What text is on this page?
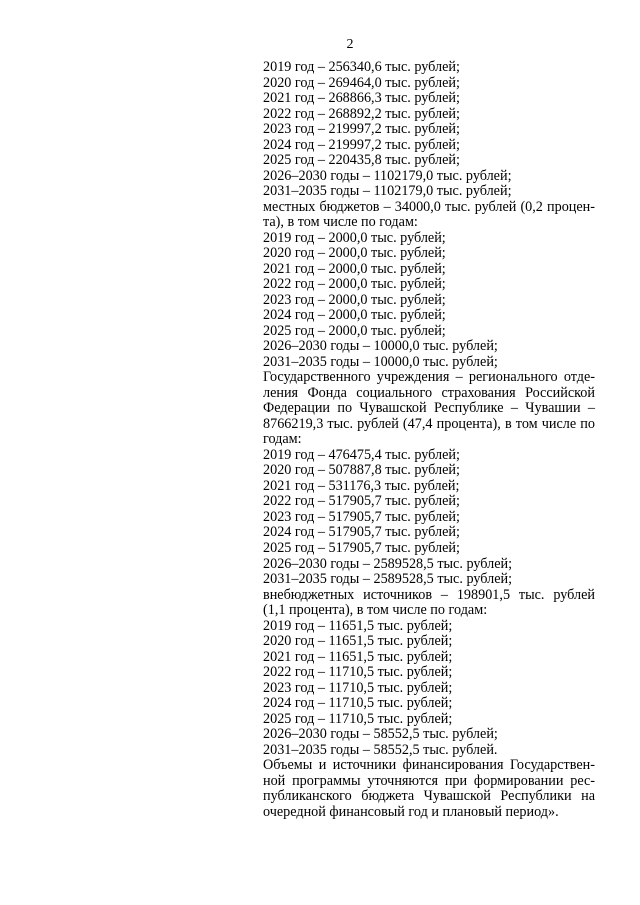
2
2019 год – 256340,6 тыс. рублей;
2020 год – 269464,0 тыс. рублей;
2021 год – 268866,3 тыс. рублей;
2022 год – 268892,2 тыс. рублей;
2023 год – 219997,2 тыс. рублей;
2024 год – 219997,2 тыс. рублей;
2025 год – 220435,8 тыс. рублей;
2026–2030 годы – 1102179,0 тыс. рублей;
2031–2035 годы – 1102179,0 тыс. рублей;
местных бюджетов – 34000,0 тыс. рублей (0,2 процен-
та), в том числе по годам:
2019 год – 2000,0 тыс. рублей;
2020 год – 2000,0 тыс. рублей;
2021 год – 2000,0 тыс. рублей;
2022 год – 2000,0 тыс. рублей;
2023 год – 2000,0 тыс. рублей;
2024 год – 2000,0 тыс. рублей;
2025 год – 2000,0 тыс. рублей;
2026–2030 годы – 10000,0 тыс. рублей;
2031–2035 годы – 10000,0 тыс. рублей;
Государственного учреждения – регионального отде-
ления Фонда социального страхования Российской
Федерации по Чувашской Республике – Чувашии –
8766219,3 тыс. рублей (47,4 процента), в том числе по
годам:
2019 год – 476475,4 тыс. рублей;
2020 год – 507887,8 тыс. рублей;
2021 год – 531176,3 тыс. рублей;
2022 год – 517905,7 тыс. рублей;
2023 год – 517905,7 тыс. рублей;
2024 год – 517905,7 тыс. рублей;
2025 год – 517905,7 тыс. рублей;
2026–2030 годы – 2589528,5 тыс. рублей;
2031–2035 годы – 2589528,5 тыс. рублей;
внебюджетных источников – 198901,5 тыс. рублей
(1,1 процента), в том числе по годам:
2019 год – 11651,5 тыс. рублей;
2020 год – 11651,5 тыс. рублей;
2021 год – 11651,5 тыс. рублей;
2022 год – 11710,5 тыс. рублей;
2023 год – 11710,5 тыс. рублей;
2024 год – 11710,5 тыс. рублей;
2025 год – 11710,5 тыс. рублей;
2026–2030 годы – 58552,5 тыс. рублей;
2031–2035 годы – 58552,5 тыс. рублей.
Объемы и источники финансирования Государствен-
ной программы уточняются при формировании рес-
публиканского бюджета Чувашской Республики на
очередной финансовый год и плановый период».
